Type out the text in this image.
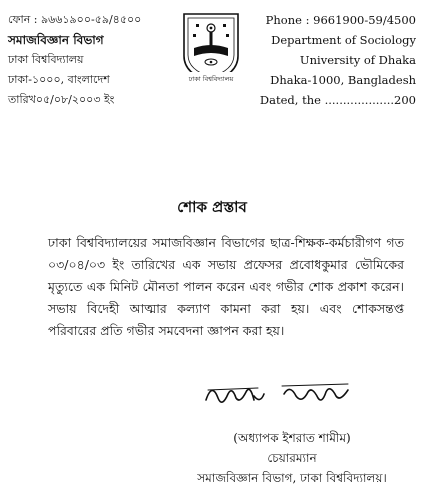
ফোন : ৯৬৬১৯০০-৫৯/৪৫০০
সমাজবিজ্ঞান বিভাগ
ঢাকা বিশ্ববিদ্যালয়
ঢাকা-১০০০, বাংলাদেশ
তারিখ০৫/০৮/২০০৩ ইং
ঢাকা বিশ্ববিদ্যালয়
Phone : 9661900-59/4500
Department of Sociology
University of Dhaka
Dhaka-1000, Bangladesh
Dated, the ...................200
শোক প্রস্তাব
ঢাকা বিশ্ববিদ্যালয়ের সমাজবিজ্ঞান বিভাগের ছাত্র-শিক্ষক-কর্মচারীগণ গত ০৩/০৪/০৩ ইং তারিখের এক সভায় প্রফেসর প্রবোধকুমার ভৌমিকের মৃত্যুতে এক মিনিট মৌনতা পালন করেন এবং গভীর শোক প্রকাশ করেন। সভায় বিদেহী আত্মার কল্যাণ কামনা করা হয়। এবং শোকসন্তপ্ত পরিবারের প্রতি গভীর সমবেদনা জ্ঞাপন করা হয়।
(অধ্যাপক ইশরাত শামীম)
চেয়ারম্যান
সমাজবিজ্ঞান বিভাগ, ঢাকা বিশ্ববিদ্যালয়।
